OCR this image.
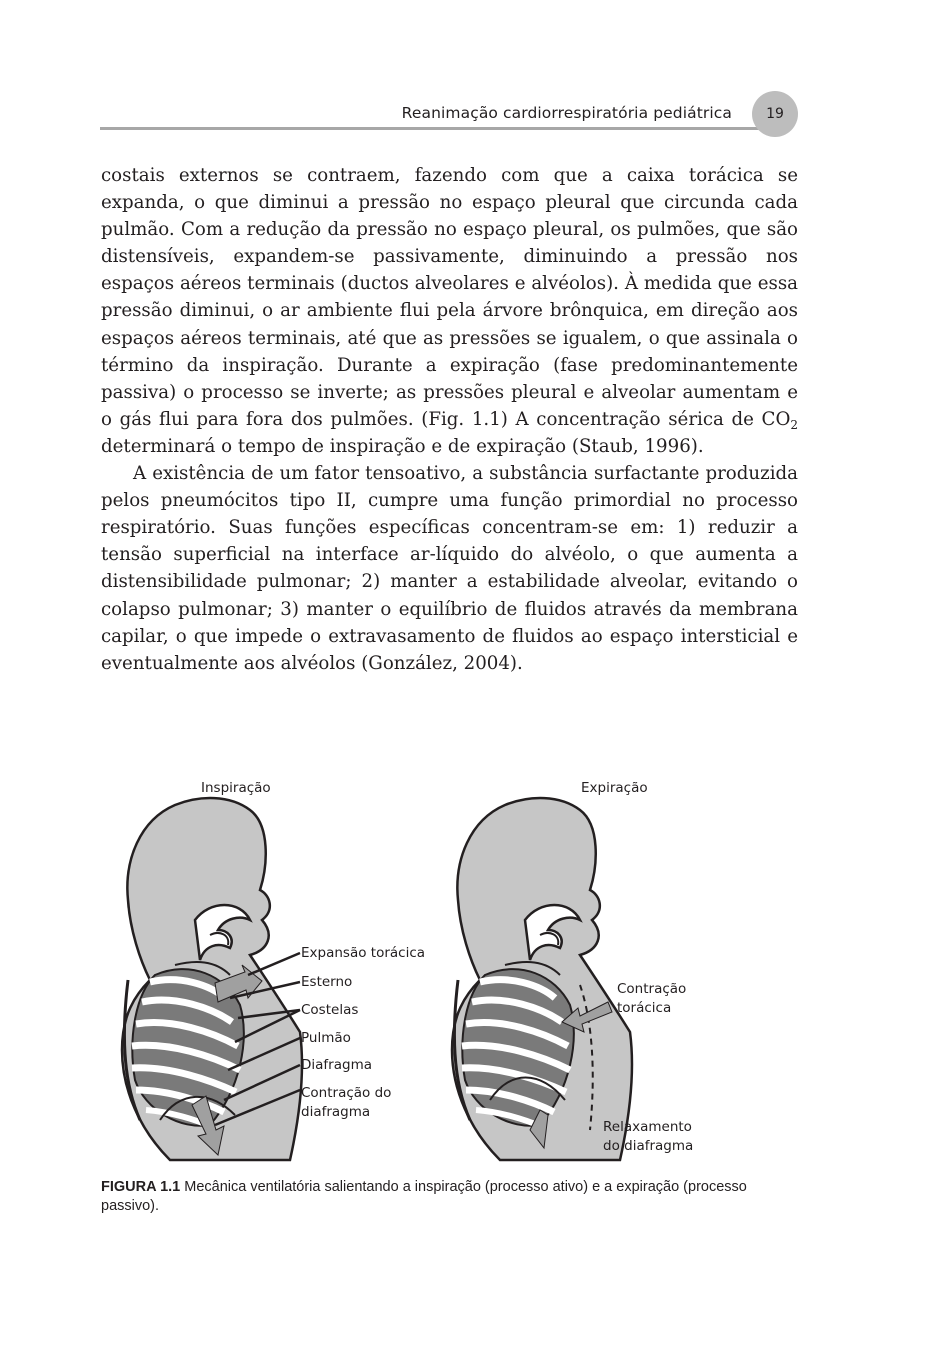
Reanimação cardiorrespiratória pediátrica	19

costais externos se contraem, fazendo com que a caixa torácica se expanda, o que diminui a pressão no espaço pleural que circunda cada pulmão. Com a redução da pressão no espaço pleural, os pulmões, que são distensíveis, expandem-se passivamente, diminuindo a pressão nos espaços aéreos terminais (ductos alveolares e alvéolos). À medida que essa pressão diminui, o ar ambiente flui pela árvore brônquica, em direção aos espaços aéreos terminais, até que as pressões se igualem, o que assinala o término da inspiração. Durante a expiração (fase predominantemente passiva) o processo se inverte; as pressões pleural e alveolar aumentam e o gás flui para fora dos pulmões. (Fig. 1.1) A concentração sérica de $CO_2$ determinará o tempo de inspiração e de expiração (Staub, 1996).

A existência de um fator tensoativo, a substância surfactante produzida pelos pneumócitos tipo II, cumpre uma função primordial no processo respiratório. Suas funções específicas concentram-se em: 1) reduzir a tensão superficial na interface ar-líquido do alvéolo, o que aumenta a distensibilidade pulmonar; 2) manter a estabilidade alveolar, evitando o colapso pulmonar; 3) manter o equilíbrio de fluidos através da membrana capilar, o que impede o extravasamento de fluidos ao espaço intersticial e eventualmente aos alvéolos (González, 2004).

Inspiração	Expiração
Expansão torácica
Esterno
Costelas
Pulmão
Diafragma
Contração do
diafragma
Contração
torácica
Relaxamento
do diafragma

FIGURA 1.1 Mecânica ventilatória salientando a inspiração (processo ativo) e a expiração (processo passivo).
